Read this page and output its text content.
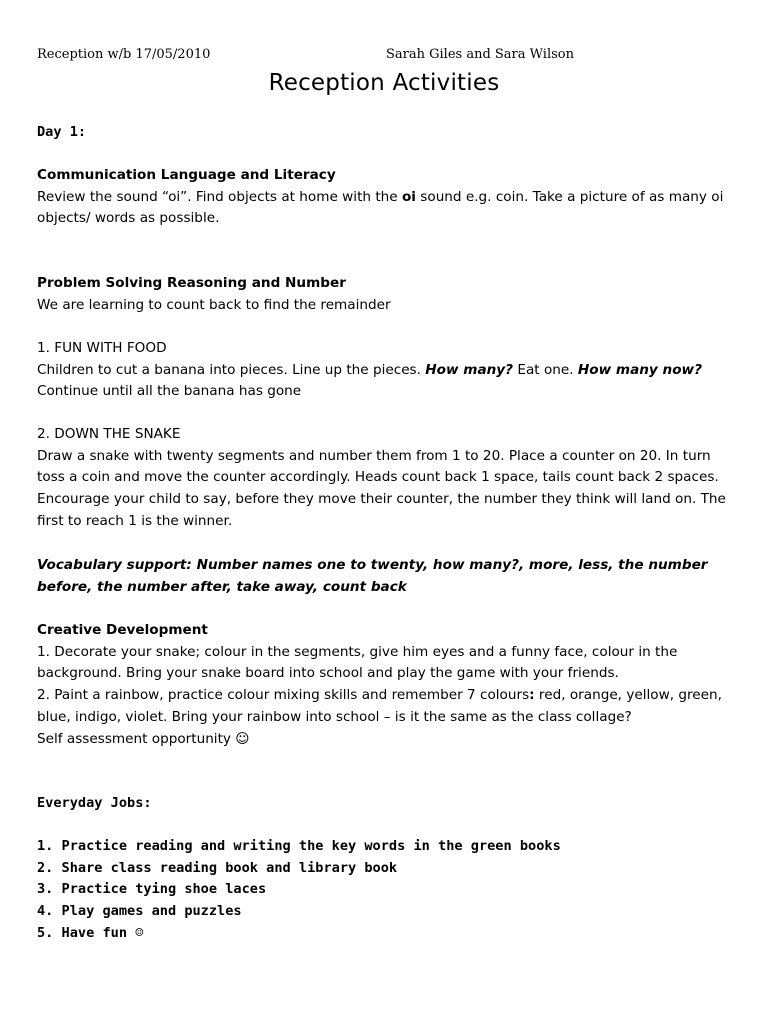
Reception w/b 17/05/2010	Sarah Giles and Sara Wilson
Reception Activities

Day 1:

Communication Language and Literacy

Review the sound “oi”. Find objects at home with the oi sound e.g. coin. Take a picture of as many oi objects/ words as possible.

Problem Solving Reasoning and Number

We are learning to count back to find the remainder

1. FUN WITH FOOD

Children to cut a banana into pieces. Line up the pieces. How many? Eat one. How many now?

Continue until all the banana has gone

2. DOWN THE SNAKE

Draw a snake with twenty segments and number them from 1 to 20. Place a counter on 20. In turn toss a coin and move the counter accordingly. Heads count back 1 space, tails count back 2 spaces. Encourage your child to say, before they move their counter, the number they think will land on. The first to reach 1 is the winner.

Vocabulary support: Number names one to twenty, how many?, more, less, the number before, the number after, take away, count back

Creative Development

1. Decorate your snake; colour in the segments, give him eyes and a funny face, colour in the background. Bring your snake board into school and play the game with your friends.

2. Paint a rainbow, practice colour mixing skills and remember 7 colours: red, orange, yellow, green, blue, indigo, violet. Bring your rainbow into school – is it the same as the class collage?

Self assessment opportunity ☺

Everyday Jobs:

1. Practice reading and writing the key words in the green books
2. Share class reading book and library book
3. Practice tying shoe laces
4. Play games and puzzles
5. Have fun ☺
